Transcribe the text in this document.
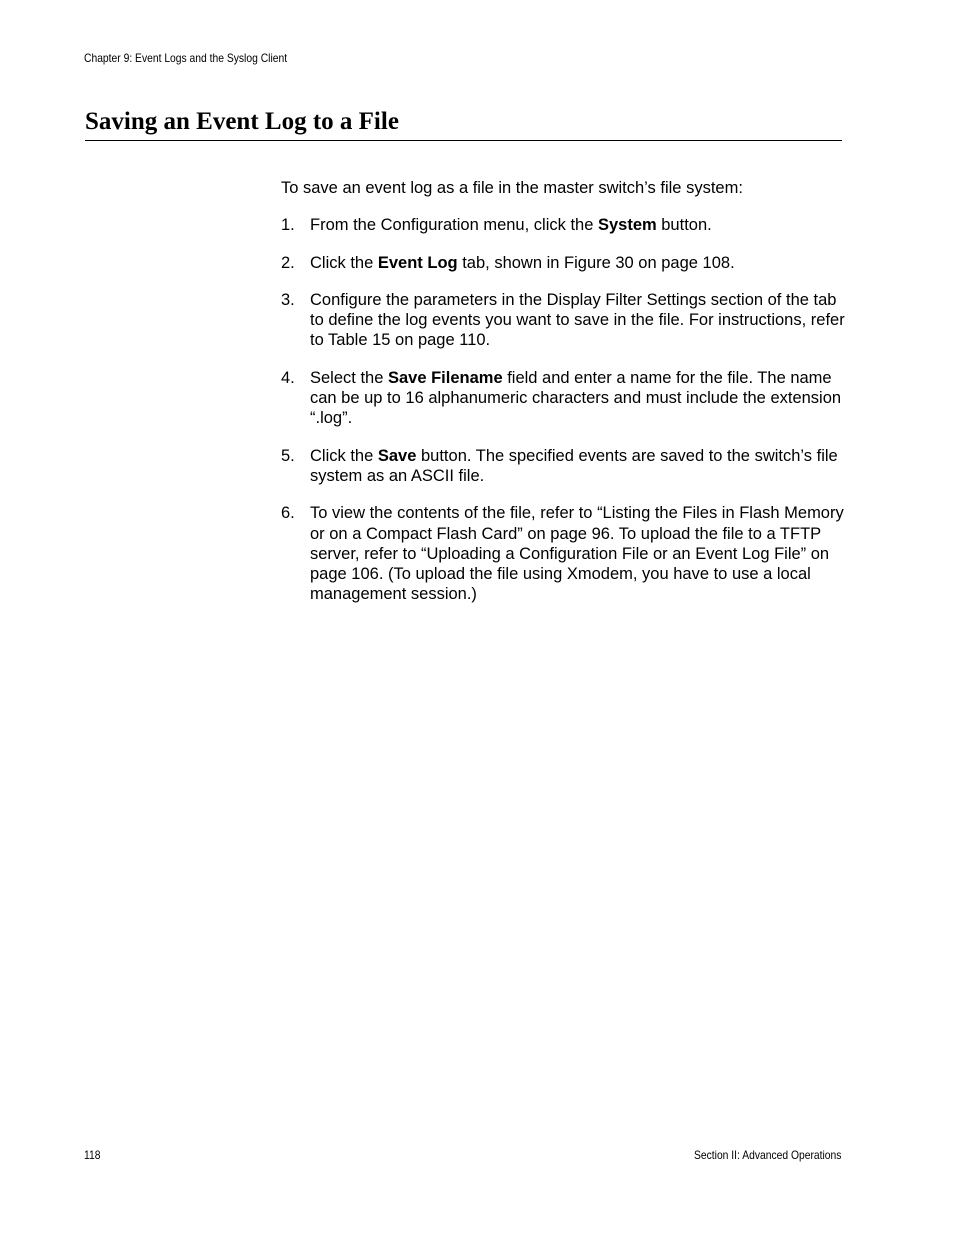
Chapter 9: Event Logs and the Syslog Client
Saving an Event Log to a File

To save an event log as a file in the master switch’s file system:

1. From the Configuration menu, click the System button.
2. Click the Event Log tab, shown in Figure 30 on page 108.
3. Configure the parameters in the Display Filter Settings section of the tab to define the log events you want to save in the file. For instructions, refer to Table 15 on page 110.
4. Select the Save Filename field and enter a name for the file. The name can be up to 16 alphanumeric characters and must include the extension “.log”.
5. Click the Save button. The specified events are saved to the switch’s file system as an ASCII file.
6. To view the contents of the file, refer to “Listing the Files in Flash Memory or on a Compact Flash Card” on page 96. To upload the file to a TFTP server, refer to “Uploading a Configuration File or an Event Log File” on page 106. (To upload the file using Xmodem, you have to use a local management session.)
118	Section II: Advanced Operations
